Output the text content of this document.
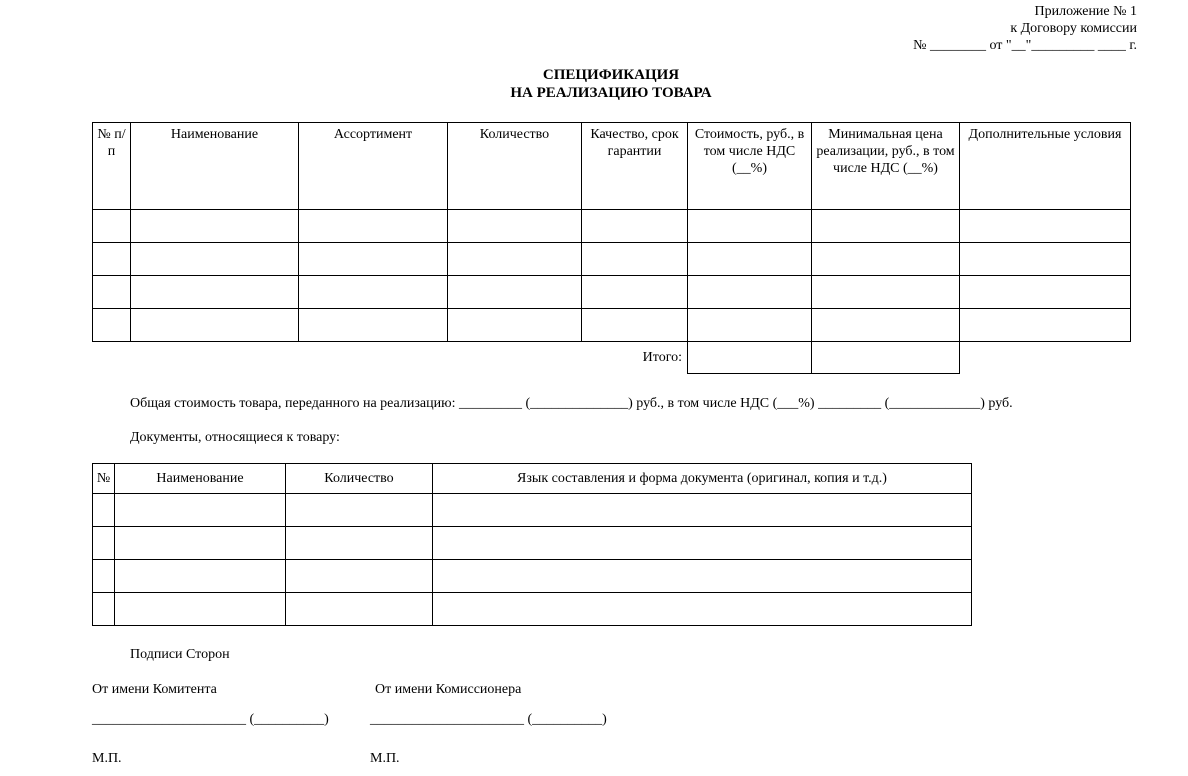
Приложение № 1
к Договору комиссии
№ ________ от "__"_________ ____ г.
СПЕЦИФИКАЦИЯ
НА РЕАЛИЗАЦИЮ ТОВАРА
№ п/п	Наименование	Ассортимент	Количество	Качество, срок гарантии	Стоимость, руб., в том числе НДС (__%)	Минимальная цена реализации, руб., в том числе НДС (__%)	Дополнительные условия

Итого:							
Общая стоимость товара, переданного на реализацию: _________ (______________) руб., в том числе НДС (___%) _________ (_____________) руб.
Документы, относящиеся к товару:
№	Наименование	Количество	Язык составления и форма документа (оригинал, копия и т.д.)

Подписи Сторон
От имени Комитента	От имени Комиссионера
______________________ (__________)	______________________ (__________)
М.П.	М.П.
